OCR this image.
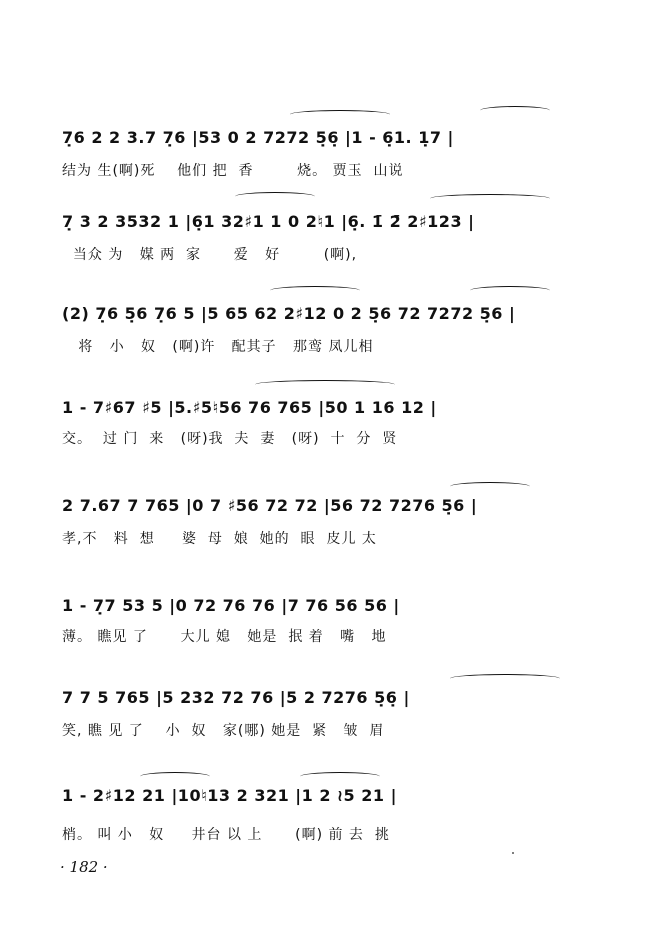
7̣6 2 2 3.7 7̣6 |53 0 2 7272 5̣6̣ |1 - 6̣1. 1̣7 |
结为 生(啊)死    他们 把  香        烧。 贾玉  山说
7̣ 3 2 3532 1 |6̣1 32♯1 1 0 2♮1 |6̣. 1̄ 2̄ 2♯123 |
当众 为   媒 两  家      爱   好        (啊),
(2) 7̣6 5̣6 7̣6 5 |5 65 62 2♯12 0 2 5̣6 72 7272 5̣6 |
将   小   奴   (啊)许   配其子   那鸾 凤儿相
1 - 7♯67 ♯5 |5.♯5♮56 76 765 |50 1 16 12 |
交。  过 门  来   (呀)我  夫  妻   (呀)  十  分  贤
2 7.67 7 765 |0 7 ♯56 72 72 |56 72 7276 5̣6 |
孝,不   料  想     婆  母  娘  她的  眼  皮儿 太
1 - 7̣7 53 5 |0 72 76 76 |7 76 56 56 |
薄。 瞧见 了      大儿 媳   她是  抿 着   嘴   地
7 7 5 765 |5 232 72 76 |5 2 7276 5̣6̣ |
笑, 瞧 见 了    小  奴   家(哪) 她是  紧   皱  眉
1 - 2♯12 21 |10♮13 2 321 |1 2 ≀5 21 |
梢。 叫 小   奴     井台 以 上      (啊) 前 去  挑
· 182 ·
